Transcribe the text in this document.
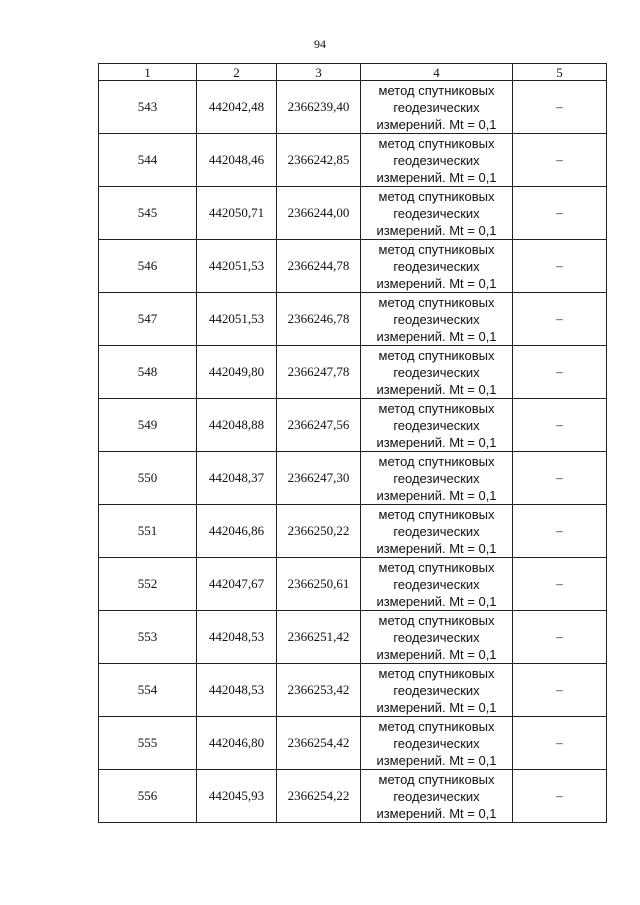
94
1	2	3	4	5
543	442042,48	2366239,40	метод спутниковых
геодезических
измерений. Mt = 0,1	–
544	442048,46	2366242,85	метод спутниковых
геодезических
измерений. Mt = 0,1	–
545	442050,71	2366244,00	метод спутниковых
геодезических
измерений. Mt = 0,1	–
546	442051,53	2366244,78	метод спутниковых
геодезических
измерений. Mt = 0,1	–
547	442051,53	2366246,78	метод спутниковых
геодезических
измерений. Mt = 0,1	–
548	442049,80	2366247,78	метод спутниковых
геодезических
измерений. Mt = 0,1	–
549	442048,88	2366247,56	метод спутниковых
геодезических
измерений. Mt = 0,1	–
550	442048,37	2366247,30	метод спутниковых
геодезических
измерений. Mt = 0,1	–
551	442046,86	2366250,22	метод спутниковых
геодезических
измерений. Mt = 0,1	–
552	442047,67	2366250,61	метод спутниковых
геодезических
измерений. Mt = 0,1	–
553	442048,53	2366251,42	метод спутниковых
геодезических
измерений. Mt = 0,1	–
554	442048,53	2366253,42	метод спутниковых
геодезических
измерений. Mt = 0,1	–
555	442046,80	2366254,42	метод спутниковых
геодезических
измерений. Mt = 0,1	–
556	442045,93	2366254,22	метод спутниковых
геодезических
измерений. Mt = 0,1	–
